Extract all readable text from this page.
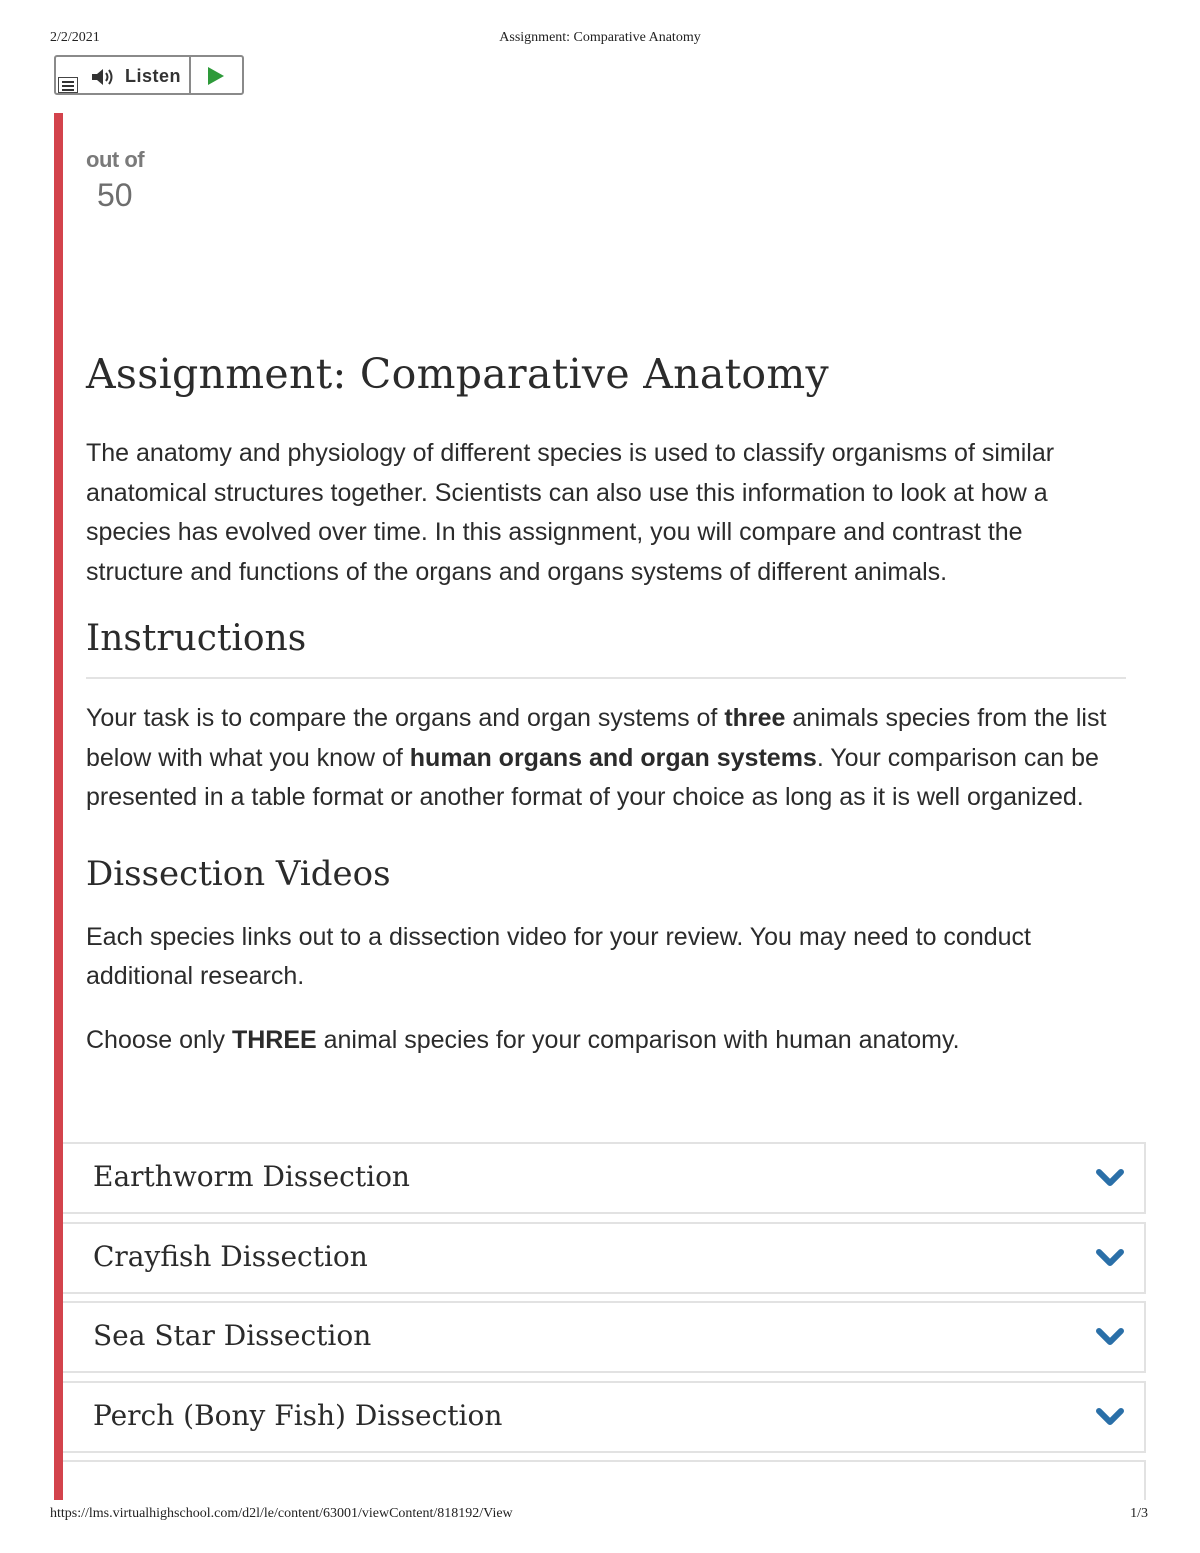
2/2/2021	Assignment: Comparative Anatomy
Listen
out of
50
Assignment: Comparative Anatomy

The anatomy and physiology of different species is used to classify organisms of similar anatomical structures together. Scientists can also use this information to look at how a species has evolved over time. In this assignment, you will compare and contrast the structure and functions of the organs and organs systems of different animals.

Instructions

Your task is to compare the organs and organ systems of three animals species from the list below with what you know of human organs and organ systems. Your comparison can be presented in a table format or another format of your choice as long as it is well organized.

Dissection Videos

Each species links out to a dissection video for your review. You may need to conduct additional research.

Choose only THREE animal species for your comparison with human anatomy.

Earthworm Dissection
Crayfish Dissection
Sea Star Dissection
Perch (Bony Fish) Dissection
https://lms.virtualhighschool.com/d2l/le/content/63001/viewContent/818192/View	1/3
